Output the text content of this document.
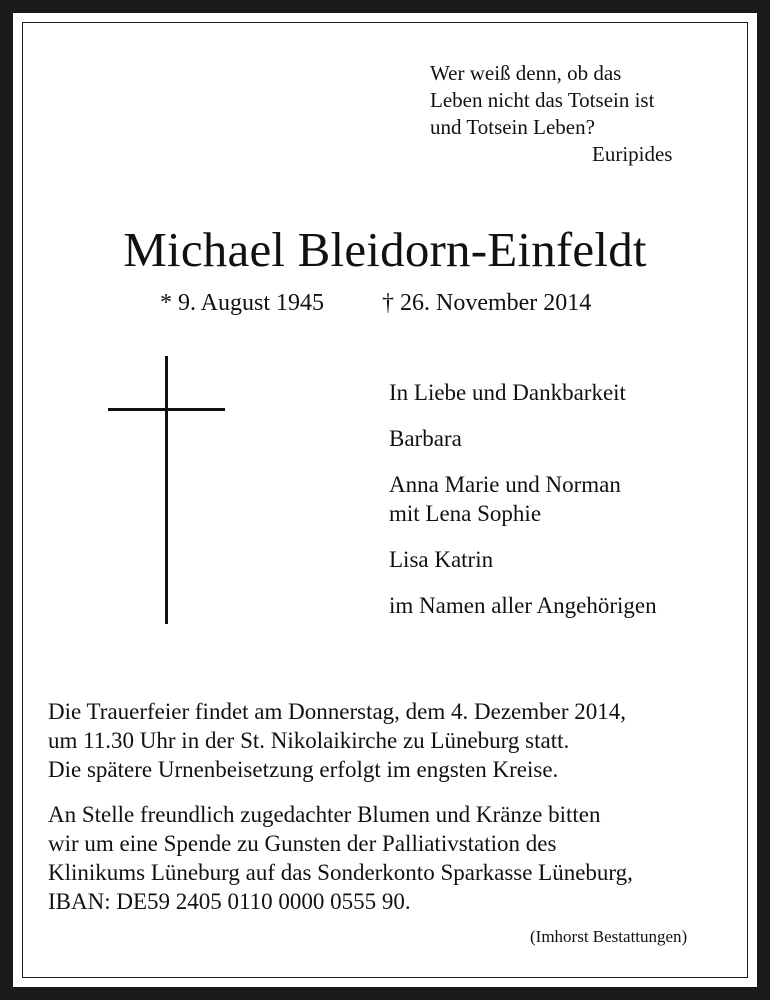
Wer weiß denn, ob das
Leben nicht das Totsein ist
und Totsein Leben?
Euripides
Michael Bleidorn-Einfeldt
* 9. August 1945 † 26. November 2014
In Liebe und Dankbarkeit
Barbara
Anna Marie und Norman
mit Lena Sophie
Lisa Katrin
im Namen aller Angehörigen
Die Trauerfeier findet am Donnerstag, dem 4. Dezember 2014,
um 11.30 Uhr in der St. Nikolaikirche zu Lüneburg statt.
Die spätere Urnenbeisetzung erfolgt im engsten Kreise.
An Stelle freundlich zugedachter Blumen und Kränze bitten
wir um eine Spende zu Gunsten der Palliativstation des
Klinikums Lüneburg auf das Sonderkonto Sparkasse Lüneburg,
IBAN: DE59 2405 0110 0000 0555 90.
(Imhorst Bestattungen)
